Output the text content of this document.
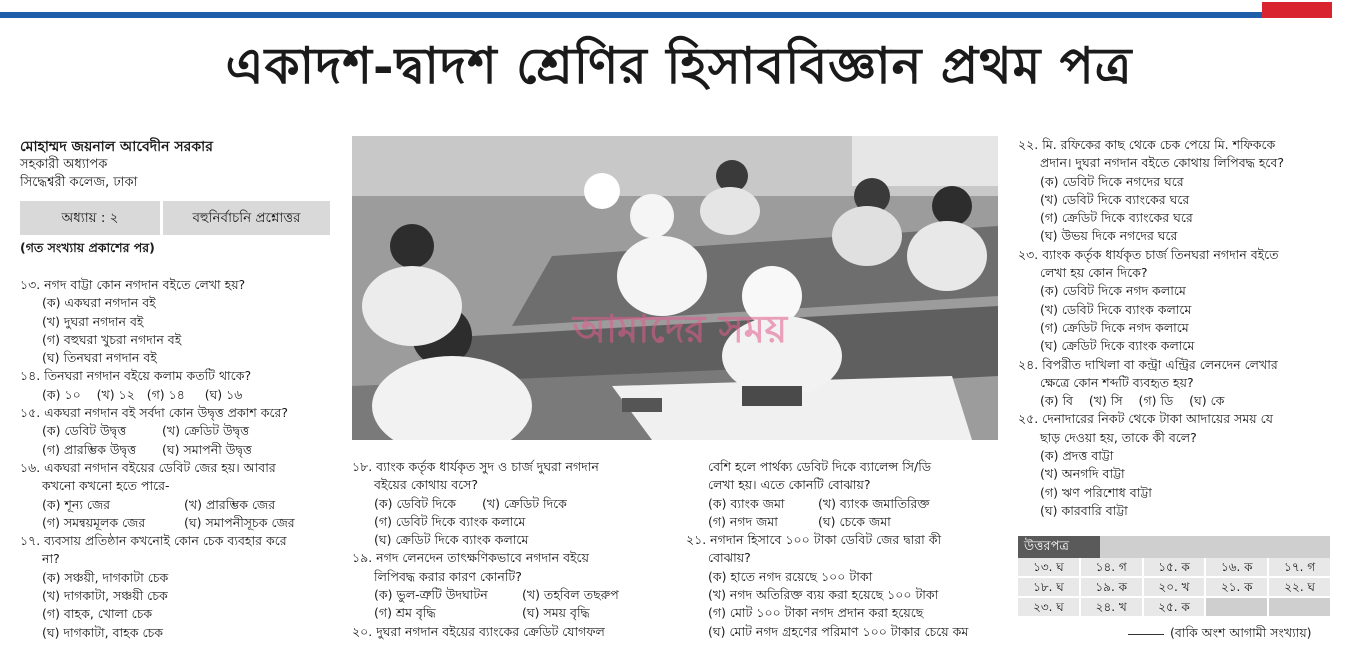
একাদশ-দ্বাদশ শ্রেণির হিসাববিজ্ঞান প্রথম পত্র
মোহাম্মদ জয়নাল আবেদীন সরকার
সহকারী অধ্যাপক
সিদ্ধেশ্বরী কলেজ, ঢাকা
অধ্যায় : ২	বহুনির্বাচনি প্রশ্নোত্তর
(গত সংখ্যায় প্রকাশের পর)
১৩. নগদ বাট্টা কোন নগদান বইতে লেখা হয়?
(ক) একঘরা নগদান বই
(খ) দুঘরা নগদান বই
(গ) বহুঘরা খুচরা নগদান বই
(ঘ) তিনঘরা নগদান বই
১৪. তিনঘরা নগদান বইয়ে কলাম কতটি থাকে?
(ক) ১০    (খ) ১২   (গ) ১৪     (ঘ) ১৬
১৫. একঘরা নগদান বই সর্বদা কোন উদ্বৃত্ত প্রকাশ করে?
(ক) ডেবিট উদ্বৃত্ত	(খ) ক্রেডিট উদ্বৃত্ত
(গ) প্রারম্ভিক উদ্বৃত্ত	(ঘ) সমাপনী উদ্বৃত্ত
১৬. একঘরা নগদান বইয়ের ডেবিট জের হয়। আবার
কখনো কখনো হতে পারে-
(ক) শূন্য জের	(খ) প্রারম্ভিক জের
(গ) সমন্বয়মূলক জের	(ঘ) সমাপনীসূচক জের
১৭. ব্যবসায় প্রতিষ্ঠান কখনোই কোন চেক ব্যবহার করে
না?
(ক) সঞ্চয়ী, দাগকাটা চেক
(খ) দাগকাটা, সঞ্চয়ী চেক
(গ) বাহক, খোলা চেক
(ঘ) দাগকাটা, বাহক চেক
আমাদের সময়
১৮. ব্যাংক কর্তৃক ধার্যকৃত সুদ ও চার্জ দুঘরা নগদান
বইয়ের কোথায় বসে?
(ক) ডেবিট দিকে	(খ) ক্রেডিট দিকে
(গ) ডেবিট দিকে ব্যাংক কলামে
(ঘ) ক্রেডিট দিকে ব্যাংক কলামে
১৯. নগদ লেনদেন তাৎক্ষণিকভাবে নগদান বইয়ে
লিপিবদ্ধ করার কারণ কোনটি?
(ক) ভুল-ত্রুটি উদঘাটন	(খ) তহবিল তছরুপ
(গ) শ্রম বৃদ্ধি	(ঘ) সময় বৃদ্ধি
২০. দুঘরা নগদান বইয়ের ব্যাংকের ক্রেডিট যোগফল
বেশি হলে পার্থক্য ডেবিট দিকে ব্যালেন্স সি/ডি
লেখা হয়। এতে কোনটি বোঝায়?
(ক) ব্যাংক জমা	(খ) ব্যাংক জমাতিরিক্ত
(গ) নগদ জমা	(ঘ) চেকে জমা
২১. নগদান হিসাবে ১০০ টাকা ডেবিট জের দ্বারা কী
বোঝায়?
(ক) হাতে নগদ রয়েছে ১০০ টাকা
(খ) নগদ অতিরিক্ত ব্যয় করা হয়েছে ১০০ টাকা
(গ) মোট ১০০ টাকা নগদ প্রদান করা হয়েছে
(ঘ) মোট নগদ গ্রহণের পরিমাণ ১০০ টাকার চেয়ে কম
২২. মি. রফিকের কাছ থেকে চেক পেয়ে মি. শফিককে
প্রদান। দুঘরা নগদান বইতে কোথায় লিপিবদ্ধ হবে?
(ক) ডেবিট দিকে নগদের ঘরে
(খ) ডেবিট দিকে ব্যাংকের ঘরে
(গ) ক্রেডিট দিকে ব্যাংকের ঘরে
(ঘ) উভয় দিকে নগদের ঘরে
২৩. ব্যাংক কর্তৃক ধার্যকৃত চার্জ তিনঘরা নগদান বইতে
লেখা হয় কোন দিকে?
(ক) ডেবিট দিকে নগদ কলামে
(খ) ডেবিট দিকে ব্যাংক কলামে
(গ) ক্রেডিট দিকে নগদ কলামে
(ঘ) ক্রেডিট দিকে ব্যাংক কলামে
২৪. বিপরীত দাখিলা বা কন্ট্রা এন্ট্রির লেনদেন লেখার
ক্ষেত্রে কোন শব্দটি ব্যবহৃত হয়?
(ক) বি    (খ) সি    (গ) ডি    (ঘ) কে
২৫. দেনাদারের নিকট থেকে টাকা আদায়ের সময় যে
ছাড় দেওয়া হয়, তাকে কী বলে?
(ক) প্রদত্ত বাট্টা
(খ) অনগদি বাট্টা
(গ) ঋণ পরিশোধ বাট্টা
(ঘ) কারবারি বাট্টা
উত্তরপত্র
১৩. ঘ	১৪. গ	১৫. ক	১৬. ক	১৭. গ
১৮. ঘ	১৯. ক	২০. খ	২১. ক	২২. ঘ
২৩. ঘ	২৪. খ	২৫. ক
(বাকি অংশ আগামী সংখ্যায়)
